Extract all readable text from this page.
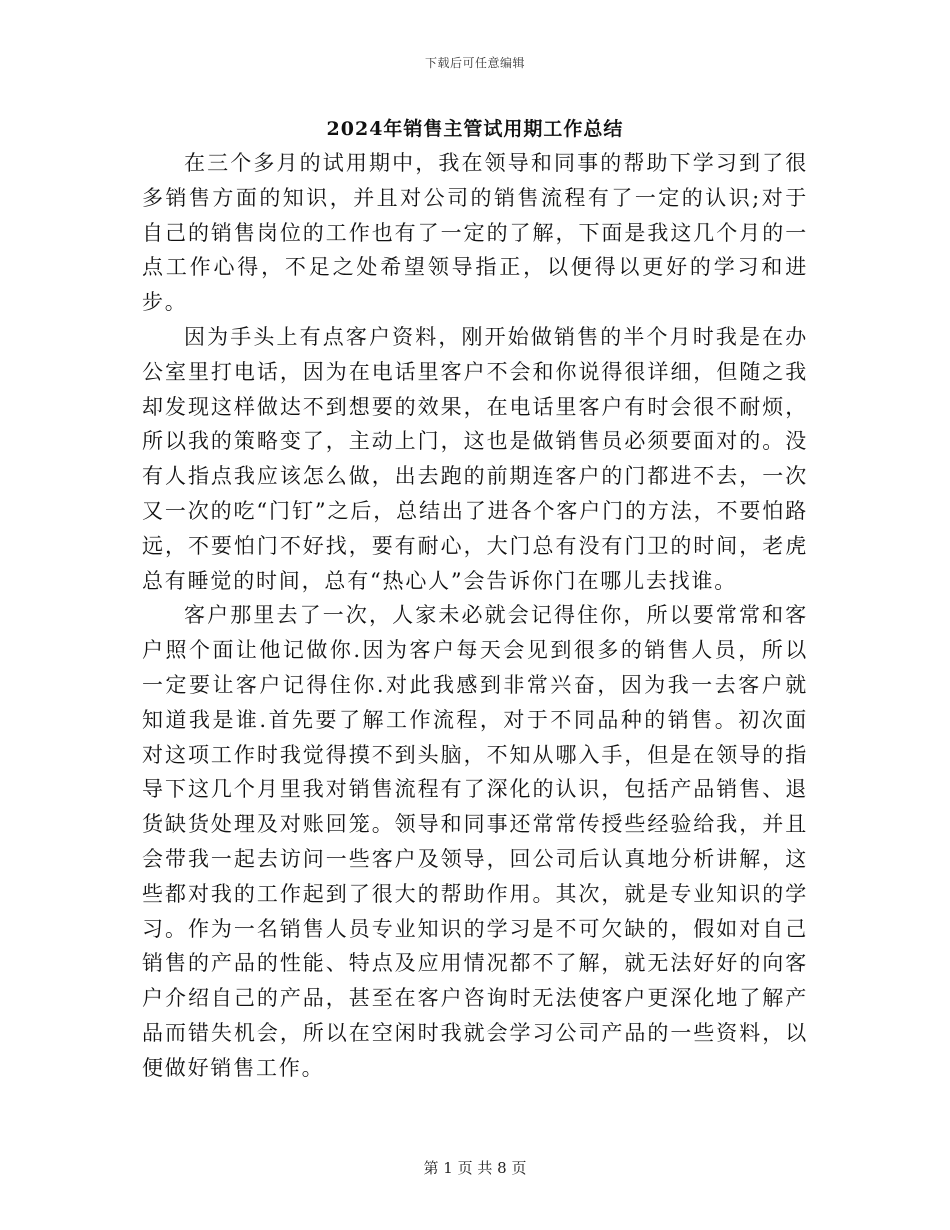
下载后可任意编辑
2024年销售主管试用期工作总结

在三个多月的试用期中，我在领导和同事的帮助下学习到了很多销售方面的知识，并且对公司的销售流程有了一定的认识;对于自己的销售岗位的工作也有了一定的了解，下面是我这几个月的一点工作心得，不足之处希望领导指正，以便得以更好的学习和进步。

因为手头上有点客户资料，刚开始做销售的半个月时我是在办公室里打电话，因为在电话里客户不会和你说得很详细，但随之我却发现这样做达不到想要的效果，在电话里客户有时会很不耐烦，所以我的策略变了，主动上门，这也是做销售员必须要面对的。没有人指点我应该怎么做，出去跑的前期连客户的门都进不去，一次又一次的吃“门钉”之后，总结出了进各个客户门的方法，不要怕路远，不要怕门不好找，要有耐心，大门总有没有门卫的时间，老虎总有睡觉的时间，总有“热心人”会告诉你门在哪儿去找谁。

客户那里去了一次，人家未必就会记得住你，所以要常常和客户照个面让他记做你.因为客户每天会见到很多的销售人员，所以一定要让客户记得住你.对此我感到非常兴奋，因为我一去客户就知道我是谁.首先要了解工作流程，对于不同品种的销售。初次面对这项工作时我觉得摸不到头脑，不知从哪入手，但是在领导的指导下这几个月里我对销售流程有了深化的认识，包括产品销售、退货缺货处理及对账回笼。领导和同事还常常传授些经验给我，并且会带我一起去访问一些客户及领导，回公司后认真地分析讲解，这些都对我的工作起到了很大的帮助作用。其次，就是专业知识的学习。作为一名销售人员专业知识的学习是不可欠缺的，假如对自己销售的产品的性能、特点及应用情况都不了解，就无法好好的向客户介绍自己的产品，甚至在客户咨询时无法使客户更深化地了解产品而错失机会，所以在空闲时我就会学习公司产品的一些资料，以便做好销售工作。

第 1 页 共 8 页
